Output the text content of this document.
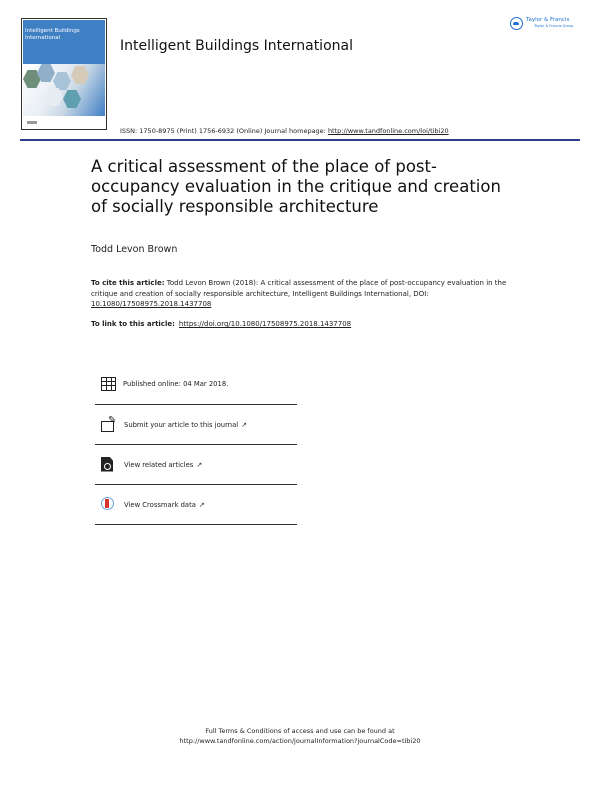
Intelligent Buildings
International
Intelligent Buildings International
Taylor & Francis
Taylor & Francis Group
ISSN: 1750-8975 (Print) 1756-6932 (Online) Journal homepage: http://www.tandfonline.com/loi/tibi20
A critical assessment of the place of post-occupancy evaluation in the critique and creation of socially responsible architecture
Todd Levon Brown
To cite this article: Todd Levon Brown (2018): A critical assessment of the place of post-occupancy evaluation in the critique and creation of socially responsible architecture, Intelligent Buildings International, DOI: 10.1080/17508975.2018.1437708
To link to this article: https://doi.org/10.1080/17508975.2018.1437708
Published online: 04 Mar 2018.
✎
Submit your article to this journal ↗
View related articles ↗
View Crossmark data ↗
Full Terms & Conditions of access and use can be found at
http://www.tandfonline.com/action/journalInformation?journalCode=tibi20
